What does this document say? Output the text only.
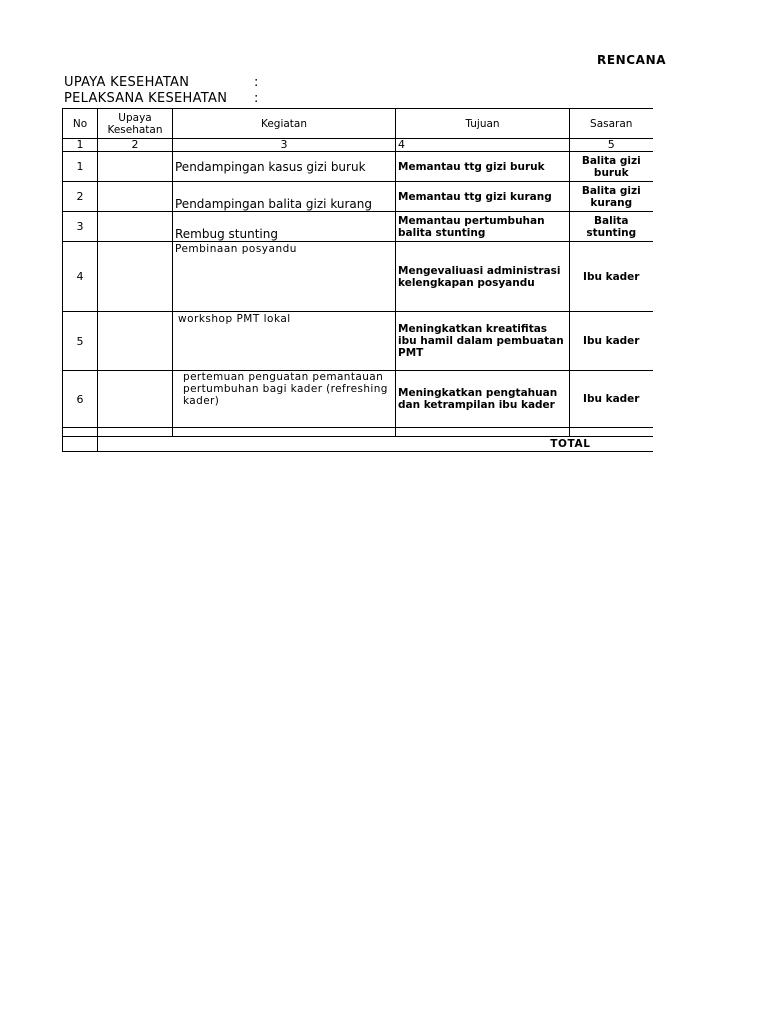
RENCANA
UPAYA KESEHATAN	:
PELAKSANA KESEHATAN :
No	Upaya Kesehatan	Kegiatan	Tujuan	Sasaran
1	2	3	4	5
1		Pendampingan kasus gizi buruk	Memantau ttg gizi buruk	Balita gizi buruk
2		Pendampingan balita gizi kurang	Memantau ttg gizi kurang	Balita gizi kurang
3		Rembug stunting	Memantau pertumbuhan balita stunting	Balita stunting
4		Pembinaan posyandu	Mengevaliuasi administrasi kelengkapan posyandu	Ibu kader
5		workshop PMT lokal	Meningkatkan kreatifitas ibu hamil dalam pembuatan PMT	Ibu kader
6		pertemuan penguatan pemantauan pertumbuhan bagi kader (refreshing kader)	Meningkatkan pengtahuan dan ketrampilan ibu kader	Ibu kader

	TOTAL			
